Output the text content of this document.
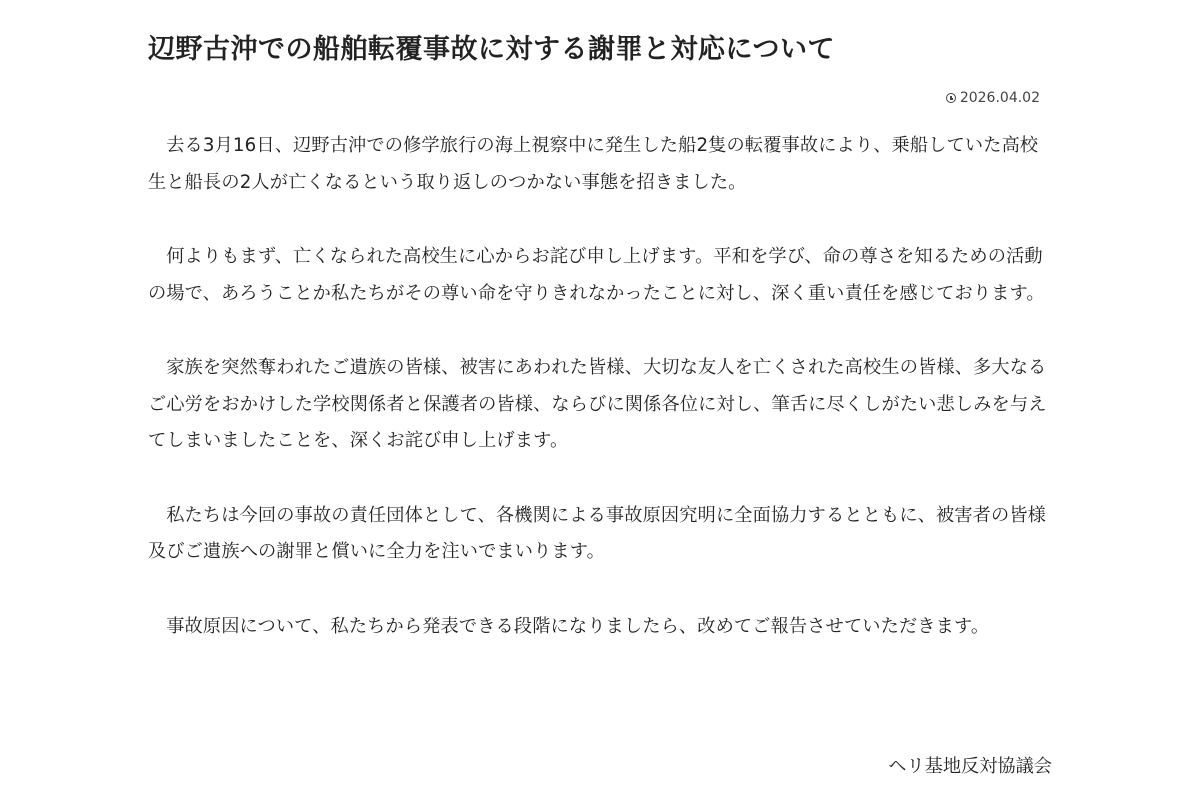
辺野古沖での船舶転覆事故に対する謝罪と対応について
2026.04.02

去る3月16日、辺野古沖での修学旅行の海上視察中に発生した船2隻の転覆事故により、乗船していた高校生と船長の2人が亡くなるという取り返しのつかない事態を招きました。

何よりもまず、亡くなられた高校生に心からお詫び申し上げます。平和を学び、命の尊さを知るための活動の場で、あろうことか私たちがその尊い命を守りきれなかったことに対し、深く重い責任を感じております。

家族を突然奪われたご遺族の皆様、被害にあわれた皆様、大切な友人を亡くされた高校生の皆様、多大なるご心労をおかけした学校関係者と保護者の皆様、ならびに関係各位に対し、筆舌に尽くしがたい悲しみを与えてしまいましたことを、深くお詫び申し上げます。

私たちは今回の事故の責任団体として、各機関による事故原因究明に全面協力するとともに、被害者の皆様及びご遺族への謝罪と償いに全力を注いでまいります。

事故原因について、私たちから発表できる段階になりましたら、改めてご報告させていただきます。

ヘリ基地反対協議会
